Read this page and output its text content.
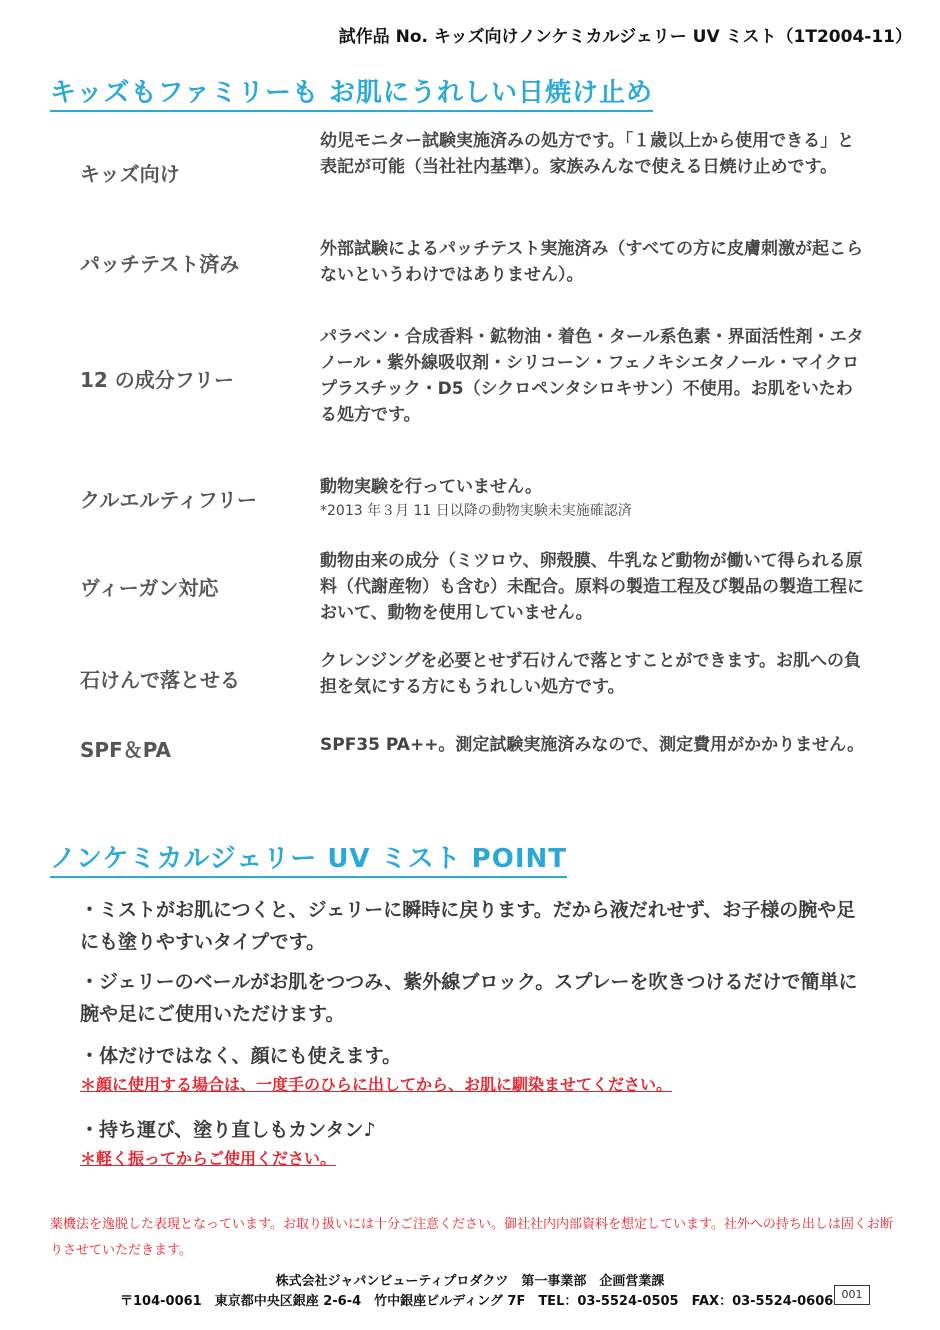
試作品 No. キッズ向けノンケミカルジェリー UV ミスト（1T2004-11）
キッズもファミリーも お肌にうれしい日焼け止め
キッズ向け
幼児モニター試験実施済みの処方です。「１歳以上から使用できる」と表記が可能（当社社内基準）。家族みんなで使える日焼け止めです。
パッチテスト済み
外部試験によるパッチテスト実施済み（すべての方に皮膚刺激が起こらないというわけではありません）。
12 の成分フリー
パラベン・合成香料・鉱物油・着色・タール系色素・界面活性剤・エタノール・紫外線吸収剤・シリコーン・フェノキシエタノール・マイクロプラスチック・D5（シクロペンタシロキサン）不使用。お肌をいたわる処方です。
クルエルティフリー
動物実験を行っていません。
*2013 年３月 11 日以降の動物実験未実施確認済
ヴィーガン対応
動物由来の成分（ミツロウ、卵殻膜、牛乳など動物が働いて得られる原料（代謝産物）も含む）未配合。原料の製造工程及び製品の製造工程において、動物を使用していません。
石けんで落とせる
クレンジングを必要とせず石けんで落とすことができます。お肌への負担を気にする方にもうれしい処方です。
SPF＆PA	SPF35 PA++。測定試験実施済みなので、測定費用がかかりません。
ノンケミカルジェリー UV ミスト POINT
・ミストがお肌につくと、ジェリーに瞬時に戻ります。だから液だれせず、お子様の腕や足にも塗りやすいタイプです。
・ジェリーのベールがお肌をつつみ、紫外線ブロック。スプレーを吹きつけるだけで簡単に腕や足にご使用いただけます。
・体だけではなく、顔にも使えます。
＊顔に使用する場合は、一度手のひらに出してから、お肌に馴染ませてください。
・持ち運び、塗り直しもカンタン♪
＊軽く振ってからご使用ください。
薬機法を逸脱した表現となっています。お取り扱いには十分ご注意ください。御社社内内部資料を想定しています。社外への持ち出しは固くお断りさせていただきます。
株式会社ジャパンビューティプロダクツ　第一事業部　企画営業課
〒104-0061　東京都中央区銀座 2-6-4　竹中銀座ビルディング 7F　TEL：03-5524-0505　FAX：03-5524-0606 001
